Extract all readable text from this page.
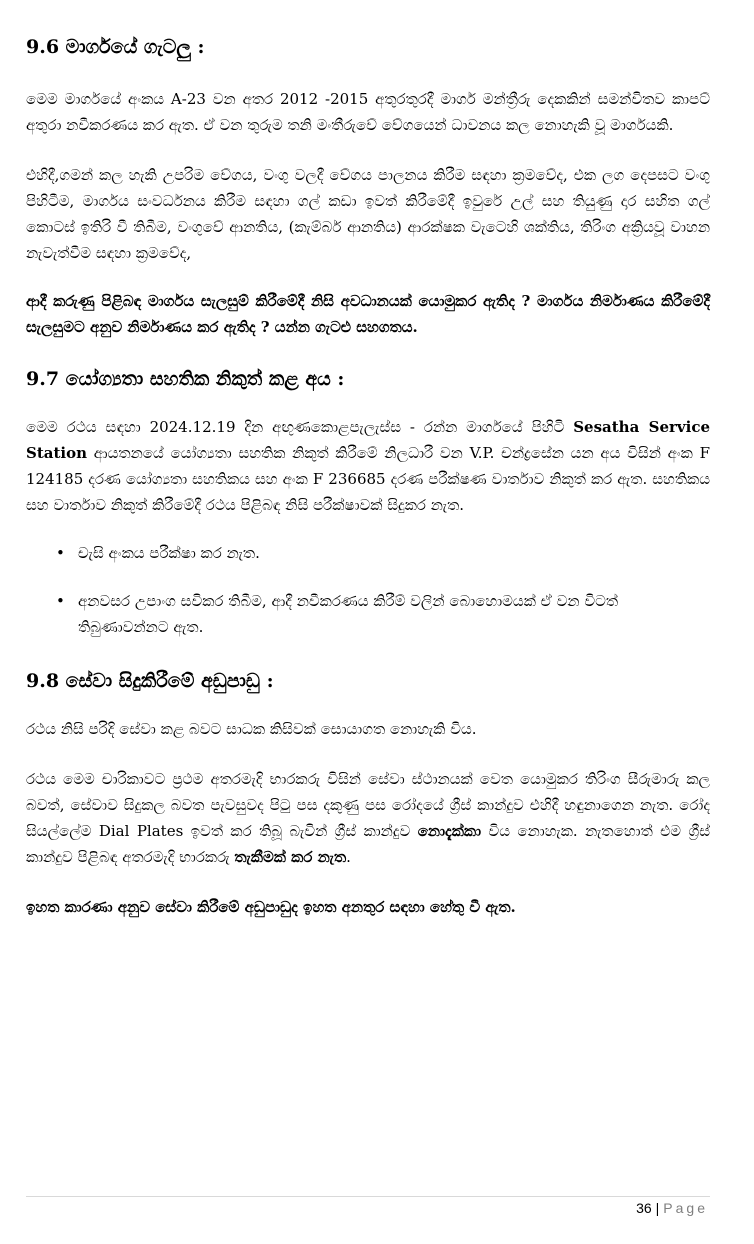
9.6 මාර්ගයේ ගැටලු :

මෙම මාර්ගයේ අංකය A-23 වන අතර 2012 -2015 අතුරතුරදී මාර්ග මන්ත්‍රීරු දෙකකින් සමන්විතව කාපට් අතුරා නවීකරණය කර ඇත. ඒ වන තුරුම තනි මංතීරුවේ වේගයෙන් ධාවනය කල නොහැකි වූ මාර්ගයකි.

එහිදී,ගමන් කල හැකි උපරිම වේගය, වංගු වලදී වේගය පාලනය කිරීම සඳහා ක්‍රමවේද, එක ලග දෙපසට වංගු පිහිටීම, මාර්ගය සංවර්ධනය කිරීම සඳහා ගල් කඩා ඉවත් කිරීමේදී ඉවුරේ උල් සහ තියුණු දාර සහිත ගල් කොටස් ඉතිරි වී තිබීම, වංගුවේ ආනතිය, (කැම්බර් ආනතිය) ආරක්ෂක වැටෙහි ශක්තිය, තිරිංග අක්‍රියවූ වාහන නැවැත්වීම සඳහා ක්‍රමවේද,

ආදී කරුණු පිළිබඳ මාර්ගය සැලසුම් කිරීමේදී නිසි අවධානයක් යොමුකර ඇතිද ? මාර්ගය නිර්මාණය කිරීමේදී සැලසුමට අනුව නිර්මාණය කර ඇතිද ? යන්න ගැටළු සහගතය.

9.7 යෝග්‍යතා සහතික නිකුත් කළ අය :

මෙම රථය සඳහා 2024.12.19 දින අඟුණකොළපැලැස්ස - රන්න මාර්ගයේ පිහිටි Sesatha Service Station ආයතනයේ යෝග්‍යතා සහතික නිකුත් කිරීමේ නිලධාරී වන V.P. චන්ද්‍රසේන යන අය විසින් අංක F 124185 දරණ යෝග්‍යතා සහතිකය සහ අංක F 236685 දරණ පරීක්ෂණ වාර්තාව නිකුත් කර ඇත. සහතිකය සහ වාර්තාව නිකුත් කිරීමේදී රථය පිළිබඳ නිසි පරීක්ෂාවක් සිදුකර නැත.

• චැසි අංකය පරීක්ෂා කර නැත.
• අනවසර උපාංග සවිකර තිබීම, ආදී නවීකරණය කිරීම් වලින් බොහොමයක් ඒ වන විටත් තිබුණාවන්නට ඇත.
9.8 සේවා සිදුකිරීමේ අඩුපාඩු :

රථය නිසි පරිදි සේවා කළ බවට සාධක කිසිවක් සොයාගත නොහැකි විය.

රථය මෙම චාරිකාවට ප්‍රථම අතරමැදි භාරකරු විසින් සේවා ස්ථානයක් වෙත යොමුකර තිරිංග සීරුමාරු කල බවත්, සේවාව සිදුකල බවත පැවසුවද පිටු පස දකුණු පස රෝදයේ ග්‍රීස් කාන්දුව එහිදී හඳුනාගෙන නැත. රෝද සියල්ලේම Dial Plates ඉවත් කර තිබූ බැවින් ග්‍රීස් කාන්දුව නොදැක්කා විය නොහැක. නැතහොත් එම ග්‍රීස් කාන්දුව පිළිබඳ අතරමැදි භාරකරු තැකීමක් කර නැත.

ඉහත කාරණා අනුව සේවා කිරීමේ අඩුපාඩුද ඉහත අනතුර සඳහා හේතු වී ඇත.

36 | Page
